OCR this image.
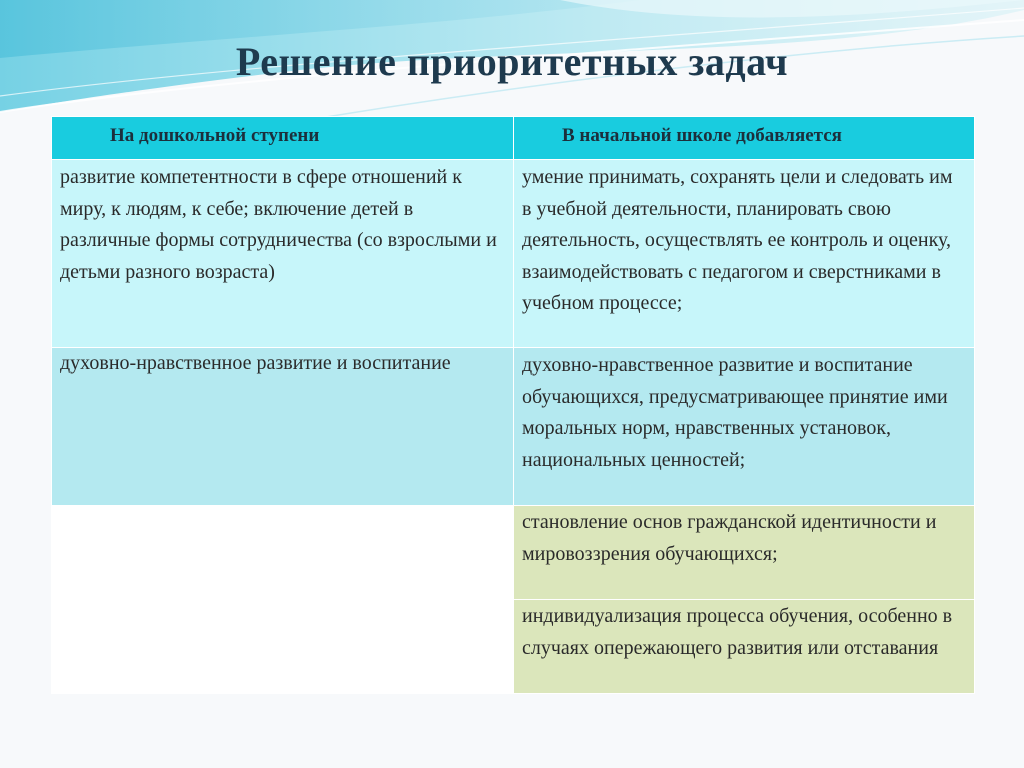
Решение приоритетных задач
На дошкольной ступени	В начальной школе добавляется

развитие компетентности в сфере отношений к миру, к людям, к себе; включение детей в различные формы сотрудничества (со взрослыми и детьми разного возраста)	умение принимать, сохранять цели и следовать им в учебной деятельности, планировать свою деятельность, осуществлять ее контроль и оценку, взаимодействовать с педагогом и сверстниками в учебном процессе;

духовно-нравственное развитие и воспитание	духовно-нравственное развитие и воспитание обучающихся, предусматривающее принятие ими моральных норм, нравственных установок, национальных ценностей;

	становление основ гражданской идентичности и мировоззрения обучающихся;

	индивидуализация процесса обучения, особенно в случаях опережающего развития или отставания
